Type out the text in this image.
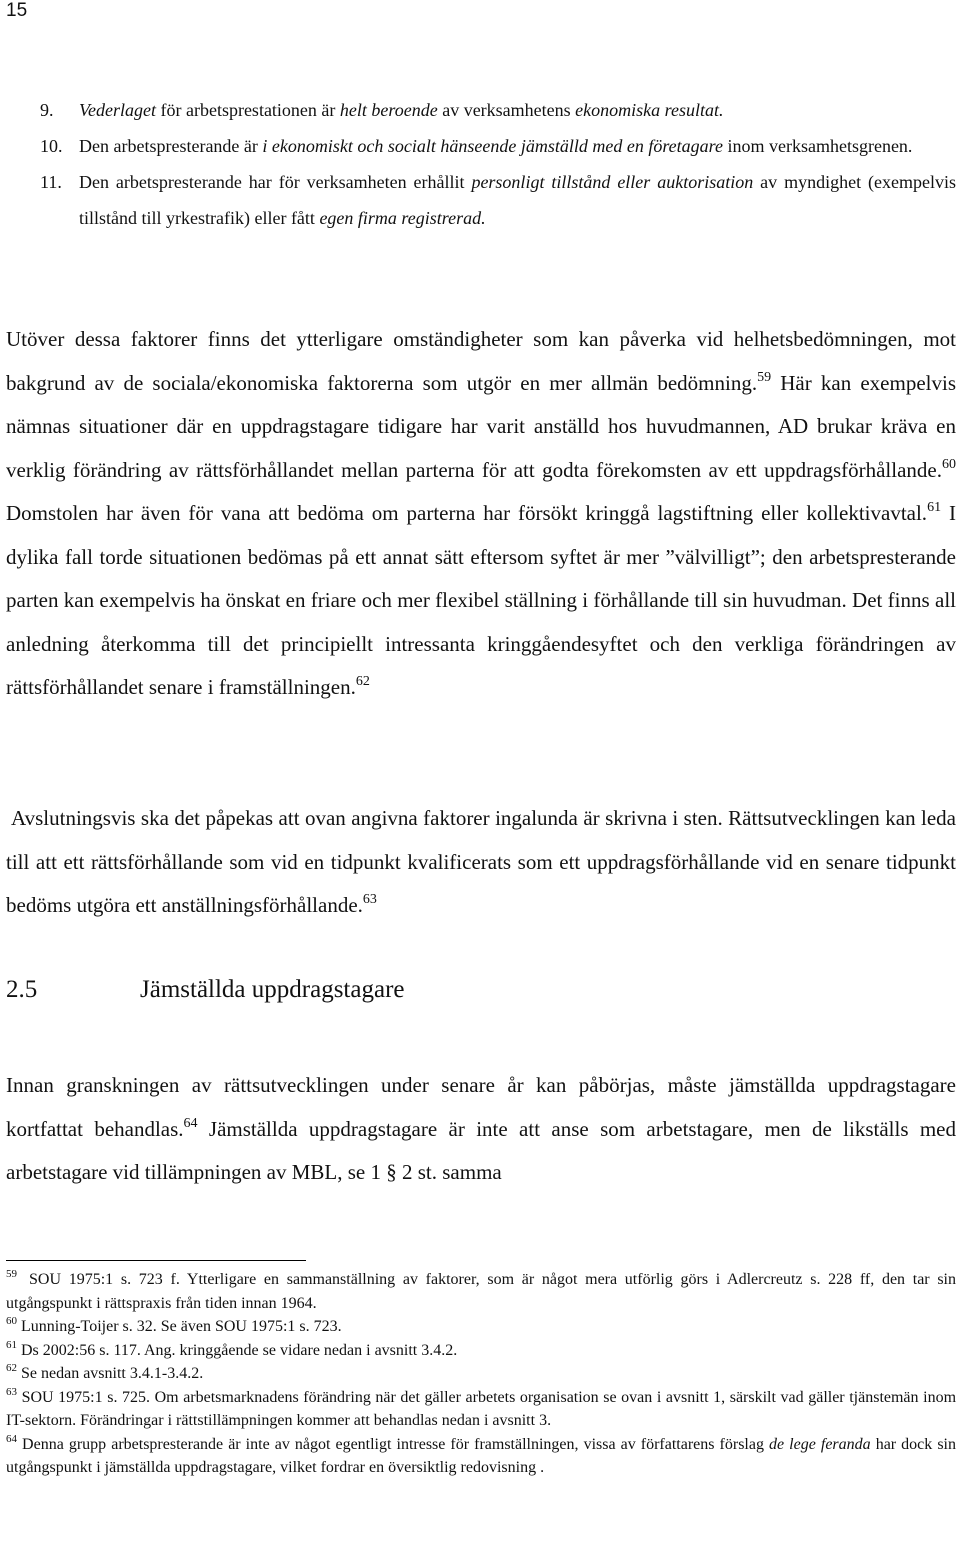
15
9. Vederlaget för arbetsprestationen är helt beroende av verksamhetens ekonomiska resultat.
10. Den arbetspresterande är i ekonomiskt och socialt hänseende jämställd med en företagare inom verksamhetsgrenen.
11. Den arbetspresterande har för verksamheten erhållit personligt tillstånd eller auktorisation av myndighet (exempelvis tillstånd till yrkestrafik) eller fått egen firma registrerad.
Utöver dessa faktorer finns det ytterligare omständigheter som kan påverka vid helhetsbedömningen, mot bakgrund av de sociala/ekonomiska faktorerna som utgör en mer allmän bedömning.$^{59}$ Här kan exempelvis nämnas situationer där en uppdragstagare tidigare har varit anställd hos huvudmannen, AD brukar kräva en verklig förändring av rättsförhållandet mellan parterna för att godta förekomsten av ett uppdragsförhållande.$^{60}$ Domstolen har även för vana att bedöma om parterna har försökt kringgå lagstiftning eller kollektivavtal.$^{61}$ I dylika fall torde situationen bedömas på ett annat sätt eftersom syftet är mer ”välvilligt”; den arbetspresterande parten kan exempelvis ha önskat en friare och mer flexibel ställning i förhållande till sin huvudman. Det finns all anledning återkomma till det principiellt intressanta kringgåendesyftet och den verkliga förändringen av rättsförhållandet senare i framställningen.$^{62}$
Avslutningsvis ska det påpekas att ovan angivna faktorer ingalunda är skrivna i sten. Rättsutvecklingen kan leda till att ett rättsförhållande som vid en tidpunkt kvalificerats som ett uppdragsförhållande vid en senare tidpunkt bedöms utgöra ett anställningsförhållande.$^{63}$
2.5	Jämställda uppdragstagare
Innan granskningen av rättsutvecklingen under senare år kan påbörjas, måste jämställda uppdragstagare kortfattat behandlas.$^{64}$ Jämställda uppdragstagare är inte att anse som arbetstagare, men de likställs med arbetstagare vid tillämpningen av MBL, se 1 § 2 st. samma
$^{59}$ SOU 1975:1 s. 723 f. Ytterligare en sammanställning av faktorer, som är något mera utförlig görs i Adlercreutz s. 228 ff, den tar sin utgångspunkt i rättspraxis från tiden innan 1964.
$^{60}$ Lunning-Toijer s. 32. Se även SOU 1975:1 s. 723.
$^{61}$ Ds 2002:56 s. 117. Ang. kringgående se vidare nedan i avsnitt 3.4.2.
$^{62}$ Se nedan avsnitt 3.4.1-3.4.2.
$^{63}$ SOU 1975:1 s. 725. Om arbetsmarknadens förändring när det gäller arbetets organisation se ovan i avsnitt 1, särskilt vad gäller tjänstemän inom IT-sektorn. Förändringar i rättstillämpningen kommer att behandlas nedan i avsnitt 3.
$^{64}$ Denna grupp arbetspresterande är inte av något egentligt intresse för framställningen, vissa av författarens förslag de lege feranda har dock sin utgångspunkt i jämställda uppdragstagare, vilket fordrar en översiktlig redovisning .
